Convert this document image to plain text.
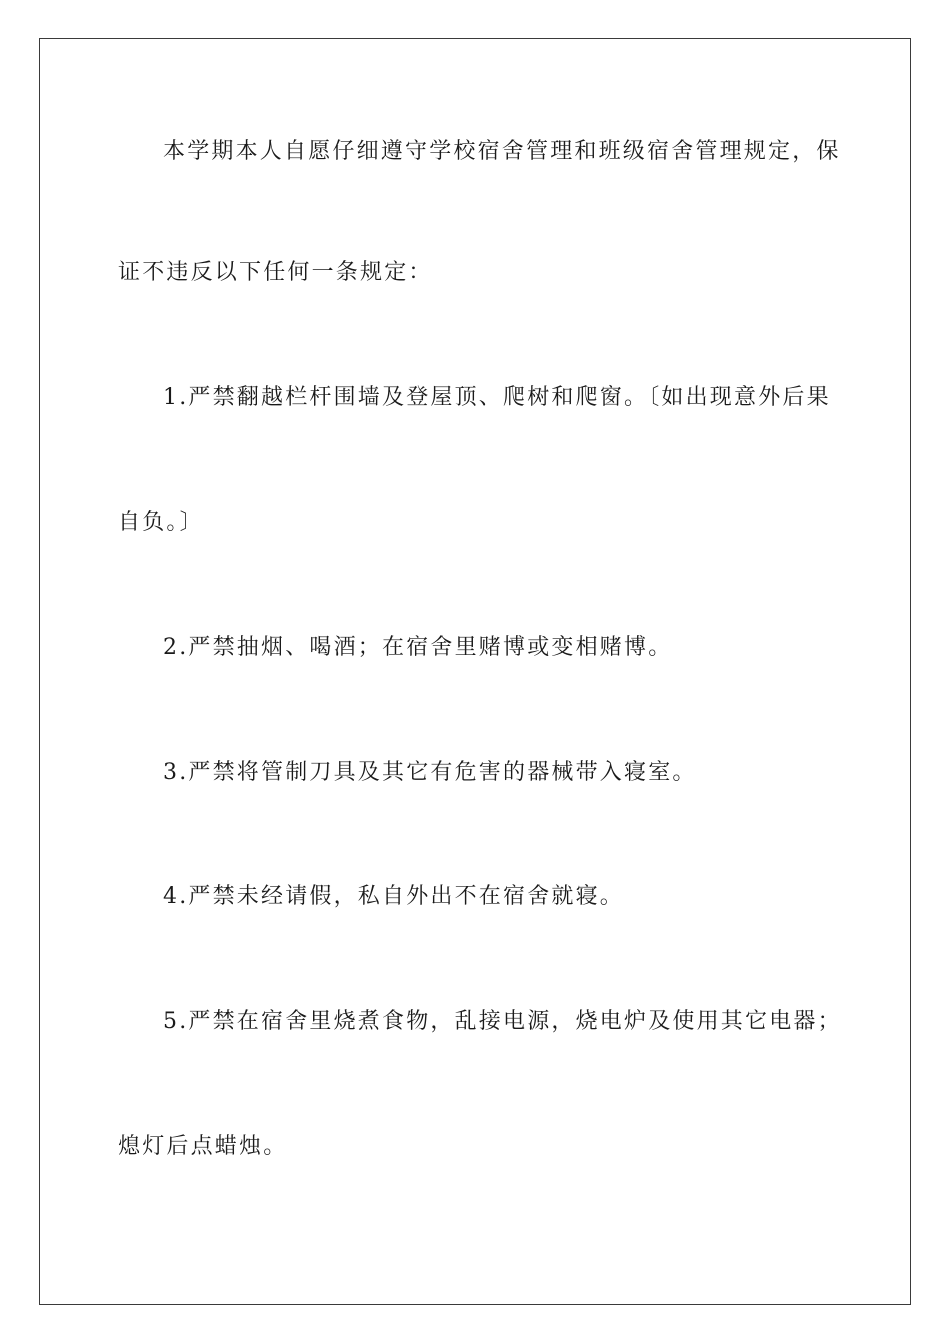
本学期本人自愿仔细遵守学校宿舍管理和班级宿舍管理规定，保
证不违反以下任何一条规定：
1.严禁翻越栏杆围墙及登屋顶、爬树和爬窗。〔如出现意外后果
自负。〕
2.严禁抽烟、喝酒；在宿舍里赌博或变相赌博。
3.严禁将管制刀具及其它有危害的器械带入寝室。
4.严禁未经请假，私自外出不在宿舍就寝。
5.严禁在宿舍里烧煮食物，乱接电源，烧电炉及使用其它电器；
熄灯后点蜡烛。
